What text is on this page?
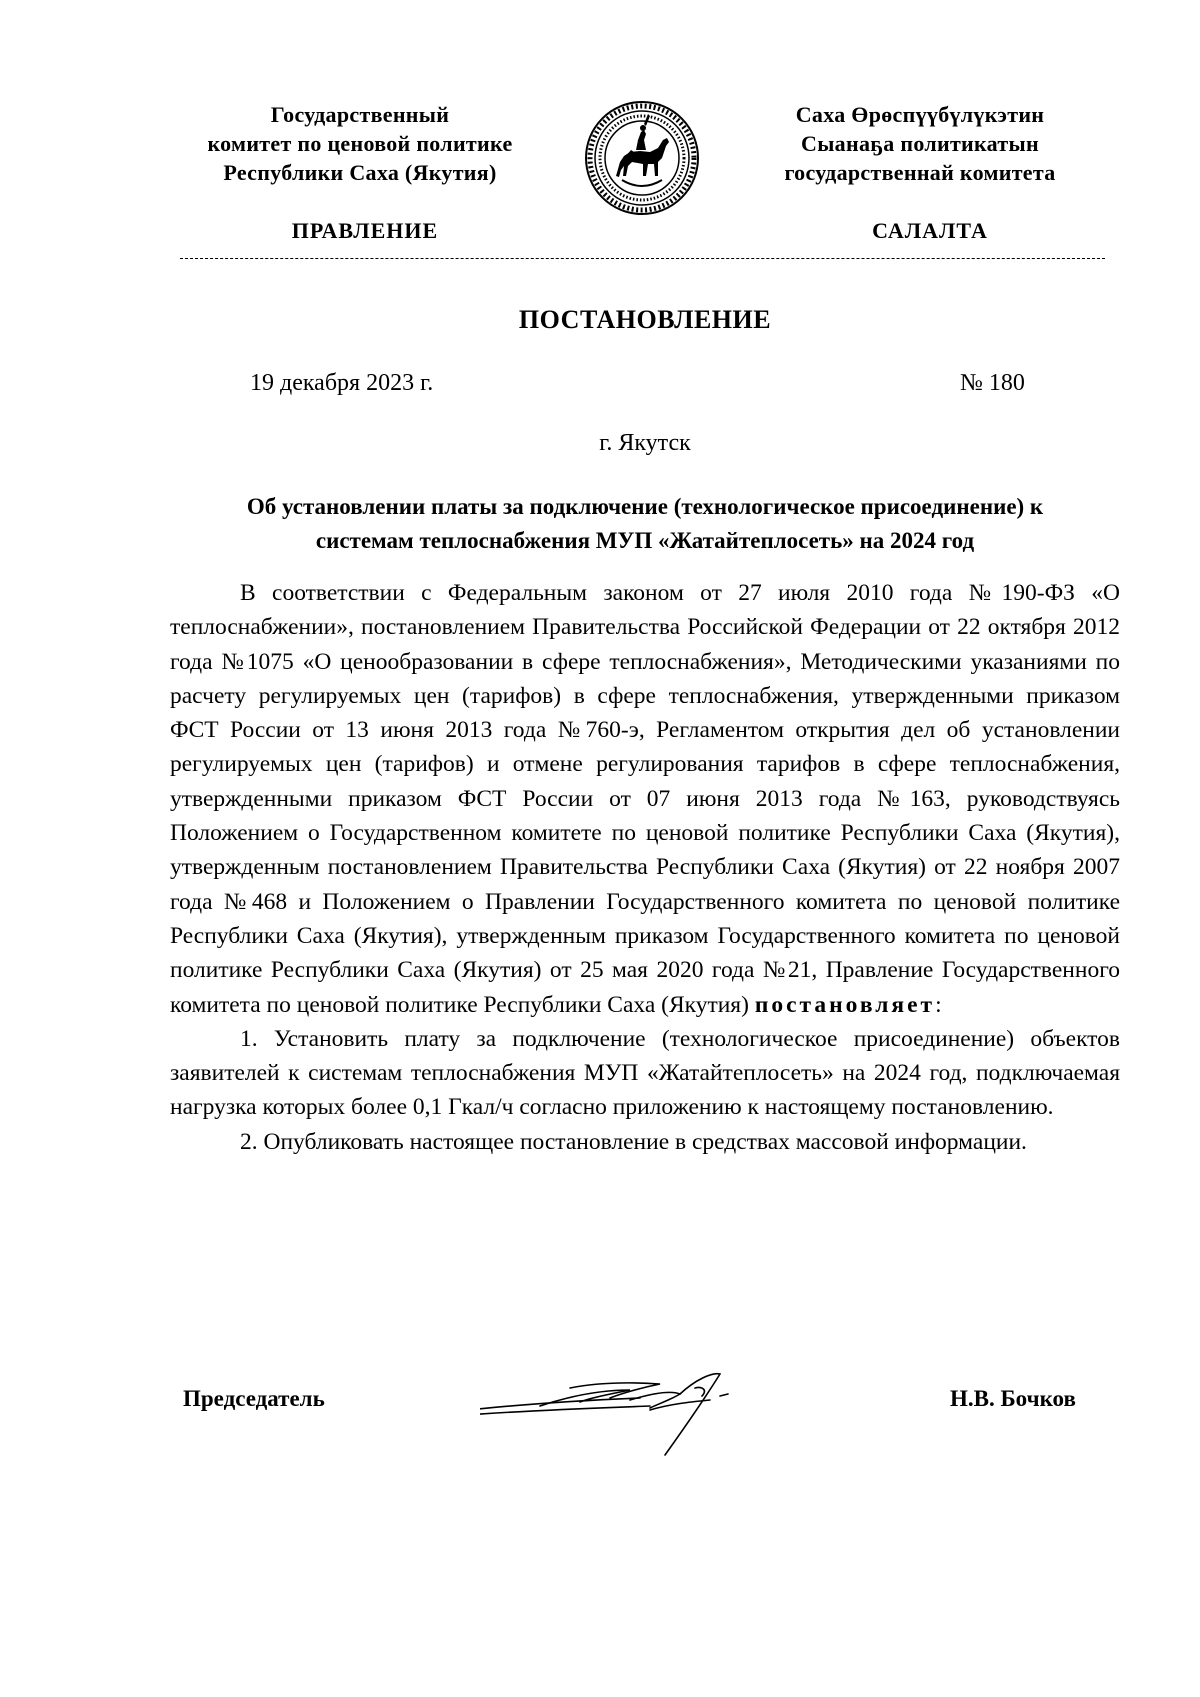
Государственный
комитет по ценовой политике
Республики Саха (Якутия)
Саха Өрөспүүбүлүкэтин
Сыанаҕа политикатын
государственнай комитета
ПРАВЛЕНИЕ	САЛАЛТА
ПОСТАНОВЛЕНИЕ
19 декабря 2023 г.	№ 180
г. Якутск
Об установлении платы за подключение (технологическое присоединение) к
системам теплоснабжения МУП «Жатайтеплосеть» на 2024 год

В соответствии с Федеральным законом от 27 июля 2010 года №190-ФЗ «О теплоснабжении», постановлением Правительства Российской Федерации от 22 октября 2012 года №1075 «О ценообразовании в сфере теплоснабжения», Методическими указаниями по расчету регулируемых цен (тарифов) в сфере теплоснабжения, утвержденными приказом ФСТ России от 13 июня 2013 года №760-э, Регламентом открытия дел об установлении регулируемых цен (тарифов) и отмене регулирования тарифов в сфере теплоснабжения, утвержденными приказом ФСТ России от 07 июня 2013 года №163, руководствуясь Положением о Государственном комитете по ценовой политике Республики Саха (Якутия), утвержденным постановлением Правительства Республики Саха (Якутия) от 22 ноября 2007 года №468 и Положением о Правлении Государственного комитета по ценовой политике Республики Саха (Якутия), утвержденным приказом Государственного комитета по ценовой политике Республики Саха (Якутия) от 25 мая 2020 года №21, Правление Государственного комитета по ценовой политике Республики Саха (Якутия) постановляет:

1. Установить плату за подключение (технологическое присоединение) объектов заявителей к системам теплоснабжения МУП «Жатайтеплосеть» на 2024 год, подключаемая нагрузка которых более 0,1 Гкал/ч согласно приложению к настоящему постановлению.

2. Опубликовать настоящее постановление в средствах массовой информации.

Председатель	Н.В. Бочков
